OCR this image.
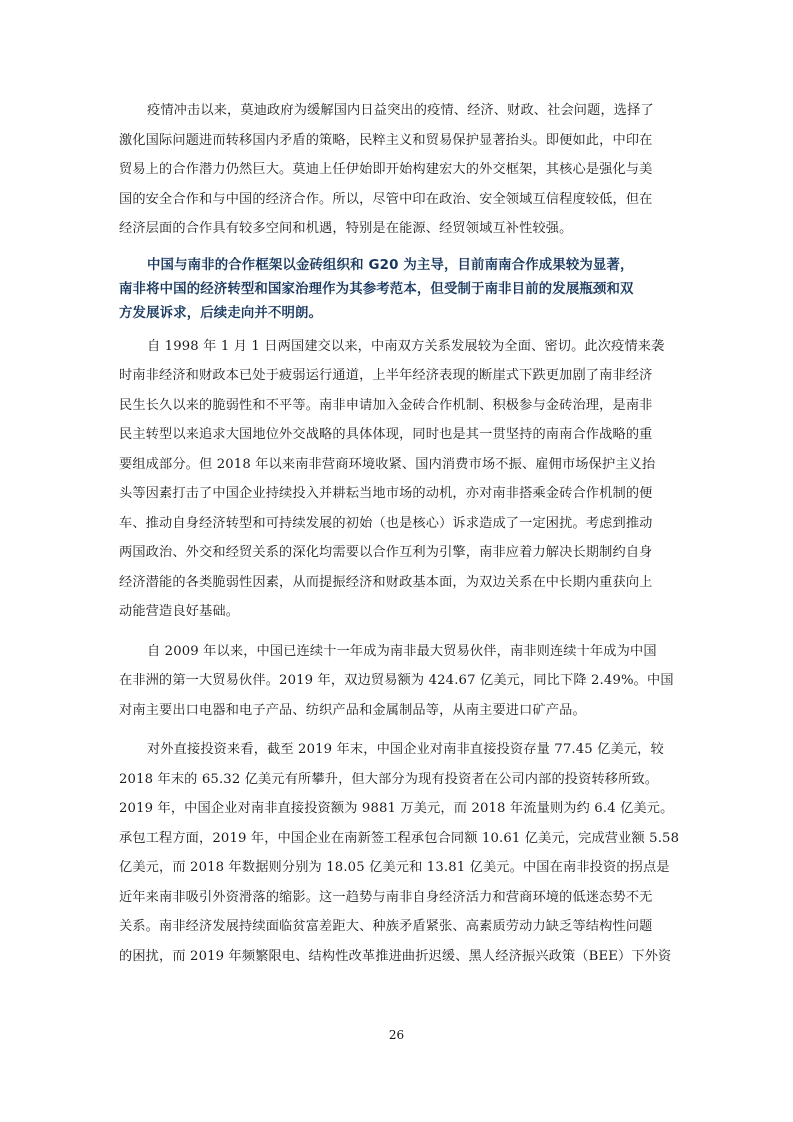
疫情冲击以来，莫迪政府为缓解国内日益突出的疫情、经济、财政、社会问题，选择了
激化国际问题进而转移国内矛盾的策略，民粹主义和贸易保护显著抬头。即便如此，中印在
贸易上的合作潜力仍然巨大。莫迪上任伊始即开始构建宏大的外交框架，其核心是强化与美
国的安全合作和与中国的经济合作。所以，尽管中印在政治、安全领域互信程度较低，但在
经济层面的合作具有较多空间和机遇，特别是在能源、经贸领域互补性较强。
中国与南非的合作框架以金砖组织和 G20 为主导，目前南南合作成果较为显著，
南非将中国的经济转型和国家治理作为其参考范本，但受制于南非目前的发展瓶颈和双
方发展诉求，后续走向并不明朗。
自 1998 年 1 月 1 日两国建交以来，中南双方关系发展较为全面、密切。此次疫情来袭
时南非经济和财政本已处于疲弱运行通道，上半年经济表现的断崖式下跌更加剧了南非经济
民生长久以来的脆弱性和不平等。南非申请加入金砖合作机制、积极参与金砖治理，是南非
民主转型以来追求大国地位外交战略的具体体现，同时也是其一贯坚持的南南合作战略的重
要组成部分。但 2018 年以来南非营商环境收紧、国内消费市场不振、雇佣市场保护主义抬
头等因素打击了中国企业持续投入并耕耘当地市场的动机，亦对南非搭乘金砖合作机制的便
车、推动自身经济转型和可持续发展的初始（也是核心）诉求造成了一定困扰。考虑到推动
两国政治、外交和经贸关系的深化均需要以合作互利为引擎，南非应着力解决长期制约自身
经济潜能的各类脆弱性因素，从而提振经济和财政基本面，为双边关系在中长期内重获向上
动能营造良好基础。
自 2009 年以来，中国已连续十一年成为南非最大贸易伙伴，南非则连续十年成为中国
在非洲的第一大贸易伙伴。2019 年，双边贸易额为 424.67 亿美元，同比下降 2.49%。中国
对南主要出口电器和电子产品、纺织产品和金属制品等，从南主要进口矿产品。
对外直接投资来看，截至 2019 年末，中国企业对南非直接投资存量 77.45 亿美元，较
2018 年末的 65.32 亿美元有所攀升，但大部分为现有投资者在公司内部的投资转移所致。
2019 年，中国企业对南非直接投资额为 9881 万美元，而 2018 年流量则为约 6.4 亿美元。
承包工程方面，2019 年，中国企业在南新签工程承包合同额 10.61 亿美元，完成营业额 5.58
亿美元，而 2018 年数据则分别为 18.05 亿美元和 13.81 亿美元。中国在南非投资的拐点是
近年来南非吸引外资滑落的缩影。这一趋势与南非自身经济活力和营商环境的低迷态势不无
关系。南非经济发展持续面临贫富差距大、种族矛盾紧张、高素质劳动力缺乏等结构性问题
的困扰，而 2019 年频繁限电、结构性改革推进曲折迟缓、黑人经济振兴政策（BEE）下外资
26
